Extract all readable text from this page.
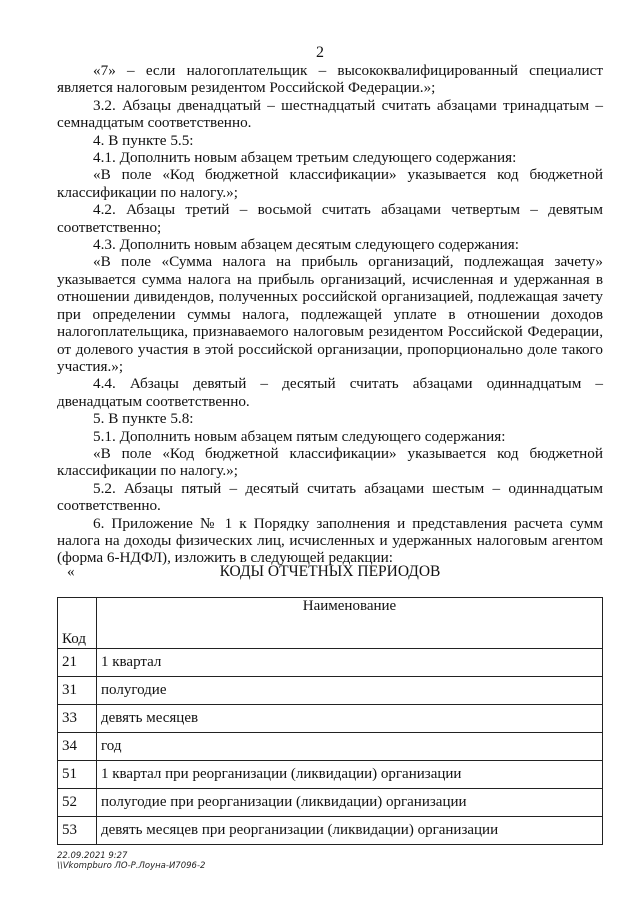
2

«7» – если налогоплательщик – высококвалифицированный специалист является налоговым резидентом Российской Федерации.»;

3.2. Абзацы двенадцатый – шестнадцатый считать абзацами тринадцатым – семнадцатым соответственно.

4. В пункте 5.5:

4.1. Дополнить новым абзацем третьим следующего содержания:

«В поле «Код бюджетной классификации» указывается код бюджетной классификации по налогу.»;

4.2. Абзацы третий – восьмой считать абзацами четвертым – девятым соответственно;

4.3. Дополнить новым абзацем десятым следующего содержания:

«В поле «Сумма налога на прибыль организаций, подлежащая зачету» указывается сумма налога на прибыль организаций, исчисленная и удержанная в отношении дивидендов, полученных российской организацией, подлежащая зачету при определении суммы налога, подлежащей уплате в отношении доходов налогоплательщика, признаваемого налоговым резидентом Российской Федерации, от долевого участия в этой российской организации, пропорционально доле такого участия.»;

4.4. Абзацы девятый – десятый считать абзацами одиннадцатым – двенадцатым соответственно.

5. В пункте 5.8:

5.1. Дополнить новым абзацем пятым следующего содержания:

«В поле «Код бюджетной классификации» указывается код бюджетной классификации по налогу.»;

5.2. Абзацы пятый – десятый считать абзацами шестым – одиннадцатым соответственно.

6. Приложение № 1 к Порядку заполнения и представления расчета сумм налога на доходы физических лиц, исчисленных и удержанных налоговым агентом (форма 6-НДФЛ), изложить в следующей редакции:

«	КОДЫ ОТЧЕТНЫХ ПЕРИОДОВ
Код	Наименование
21	1 квартал
31	полугодие
33	девять месяцев
34	год
51	1 квартал при реорганизации (ликвидации) организации
52	полугодие при реорганизации (ликвидации) организации
53	девять месяцев при реорганизации (ликвидации) организации
22.09.2021 9:27
\\Vkompburo ЛО-Р.Лоуна-И7096-2
